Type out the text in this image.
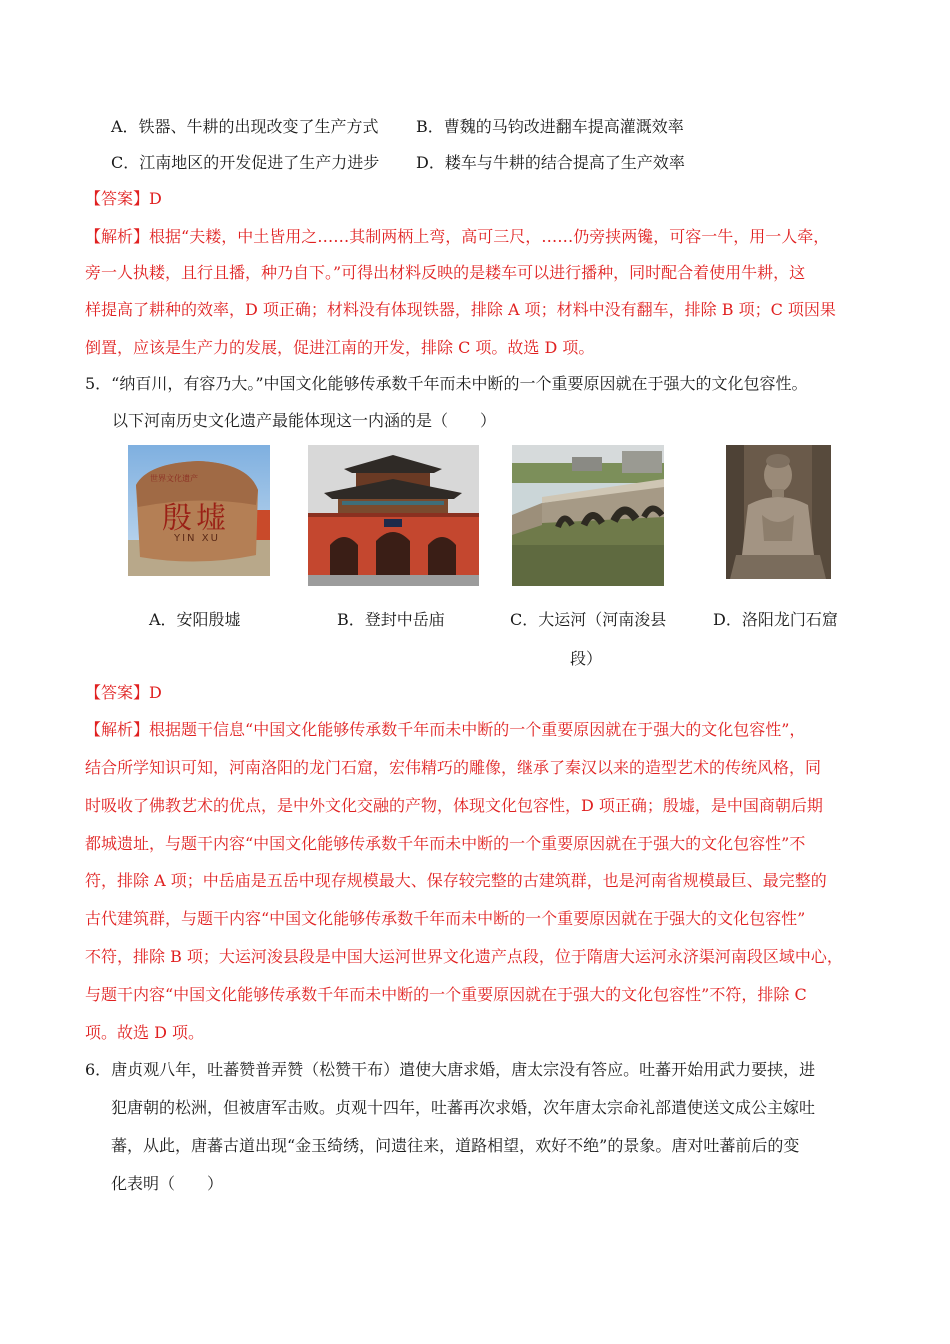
A．铁器、牛耕的出现改变了生产方式 B．曹魏的马钧改进翻车提高灌溉效率
C．江南地区的开发促进了生产力进步 D．耧车与牛耕的结合提高了生产效率
【答案】D
【解析】根据“夫耧，中土皆用之……其制两柄上弯，高可三尺，……仍旁挟两镵，可容一牛，用一人牵，
旁一人执耧，且行且播，种乃自下。”可得出材料反映的是耧车可以进行播种，同时配合着使用牛耕，这
样提高了耕种的效率，D 项正确；材料没有体现铁器，排除 A 项；材料中没有翻车，排除 B 项；C 项因果
倒置，应该是生产力的发展，促进江南的开发，排除 C 项。故选 D 项。
5．“纳百川，有容乃大。”中国文化能够传承数千年而未中断的一个重要原因就在于强大的文化包容性。
以下河南历史文化遗产最能体现这一内涵的是（　　）
世界文化遗产
殷墟
YIN XU
A．安阳殷墟	B．登封中岳庙	C．大运河（河南浚县
段）
D．洛阳龙门石窟
【答案】D
【解析】根据题干信息“中国文化能够传承数千年而未中断的一个重要原因就在于强大的文化包容性”，
结合所学知识可知，河南洛阳的龙门石窟，宏伟精巧的雕像，继承了秦汉以来的造型艺术的传统风格，同
时吸收了佛教艺术的优点，是中外文化交融的产物，体现文化包容性，D 项正确；殷墟，是中国商朝后期
都城遗址，与题干内容“中国文化能够传承数千年而未中断的一个重要原因就在于强大的文化包容性”不
符，排除 A 项；中岳庙是五岳中现存规模最大、保存较完整的古建筑群，也是河南省规模最巨、最完整的
古代建筑群，与题干内容“中国文化能够传承数千年而未中断的一个重要原因就在于强大的文化包容性”
不符，排除 B 项；大运河浚县段是中国大运河世界文化遗产点段，位于隋唐大运河永济渠河南段区域中心，
与题干内容“中国文化能够传承数千年而未中断的一个重要原因就在于强大的文化包容性”不符，排除 C
项。故选 D 项。
6．唐贞观八年，吐蕃赞普弄赞（松赞干布）遣使大唐求婚，唐太宗没有答应。吐蕃开始用武力要挟，进
犯唐朝的松洲，但被唐军击败。贞观十四年，吐蕃再次求婚，次年唐太宗命礼部遣使送文成公主嫁吐
蕃，从此，唐蕃古道出现“金玉绮绣，问遗往来，道路相望，欢好不绝”的景象。唐对吐蕃前后的变
化表明（　　）
